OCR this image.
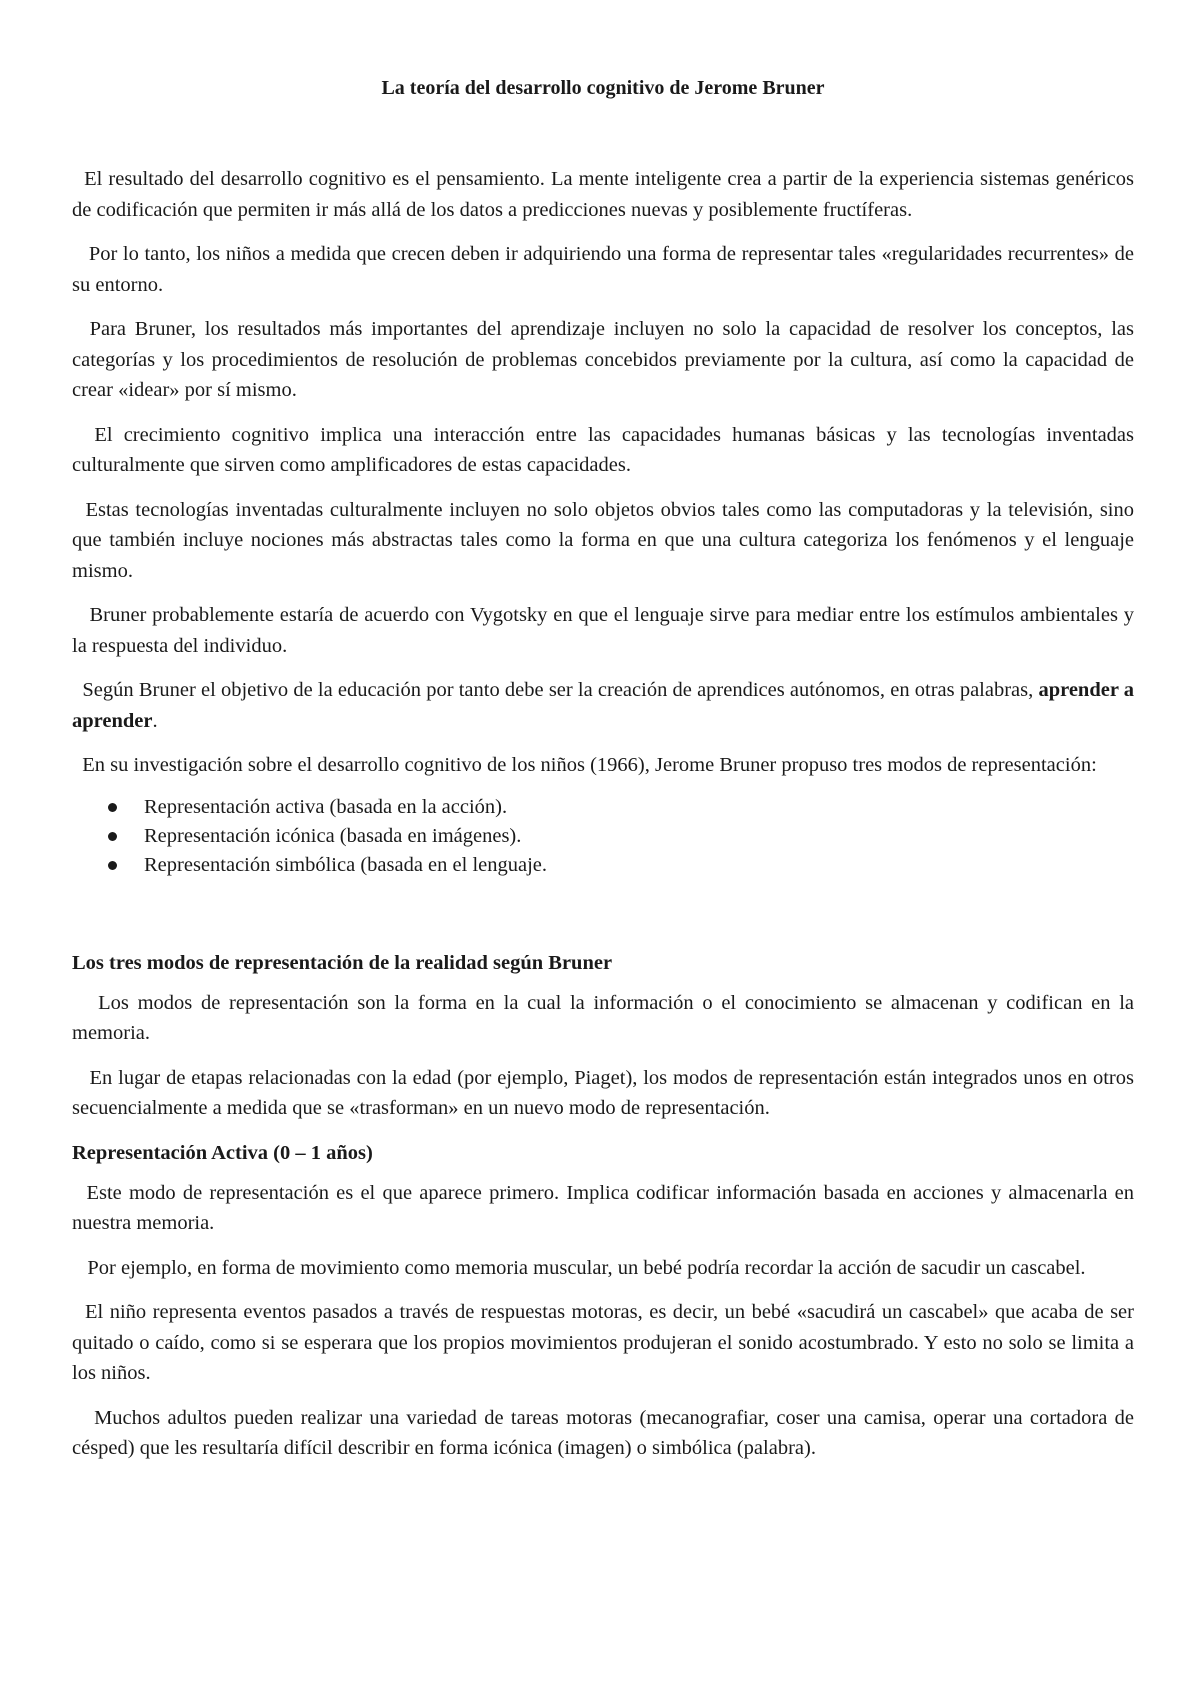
La teoría del desarrollo cognitivo de Jerome Bruner

El resultado del desarrollo cognitivo es el pensamiento. La mente inteligente crea a partir de la experiencia sistemas genéricos de codificación que permiten ir más allá de los datos a predicciones nuevas y posiblemente fructíferas.

Por lo tanto, los niños a medida que crecen deben ir adquiriendo una forma de representar tales «regularidades recurrentes» de su entorno.

Para Bruner, los resultados más importantes del aprendizaje incluyen no solo la capacidad de resolver los conceptos, las categorías y los procedimientos de resolución de problemas concebidos previamente por la cultura, así como la capacidad de crear «idear» por sí mismo.

El crecimiento cognitivo implica una interacción entre las capacidades humanas básicas y las tecnologías inventadas culturalmente que sirven como amplificadores de estas capacidades.

Estas tecnologías inventadas culturalmente incluyen no solo objetos obvios tales como las computadoras y la televisión, sino que también incluye nociones más abstractas tales como la forma en que una cultura categoriza los fenómenos y el lenguaje mismo.

Bruner probablemente estaría de acuerdo con Vygotsky en que el lenguaje sirve para mediar entre los estímulos ambientales y la respuesta del individuo.

Según Bruner el objetivo de la educación por tanto debe ser la creación de aprendices autónomos, en otras palabras, aprender a aprender.

En su investigación sobre el desarrollo cognitivo de los niños (1966), Jerome Bruner propuso tres modos de representación:

Representación activa (basada en la acción).
Representación icónica (basada en imágenes).
Representación simbólica (basada en el lenguaje.
Los tres modos de representación de la realidad según Bruner

Los modos de representación son la forma en la cual la información o el conocimiento se almacenan y codifican en la memoria.

En lugar de etapas relacionadas con la edad (por ejemplo, Piaget), los modos de representación están integrados unos en otros secuencialmente a medida que se «trasforman» en un nuevo modo de representación.

Representación Activa (0 – 1 años)

Este modo de representación es el que aparece primero. Implica codificar información basada en acciones y almacenarla en nuestra memoria.

Por ejemplo, en forma de movimiento como memoria muscular, un bebé podría recordar la acción de sacudir un cascabel.

El niño representa eventos pasados a través de respuestas motoras, es decir, un bebé «sacudirá un cascabel» que acaba de ser quitado o caído, como si se esperara que los propios movimientos produjeran el sonido acostumbrado. Y esto no solo se limita a los niños.

Muchos adultos pueden realizar una variedad de tareas motoras (mecanografiar, coser una camisa, operar una cortadora de césped) que les resultaría difícil describir en forma icónica (imagen) o simbólica (palabra).
